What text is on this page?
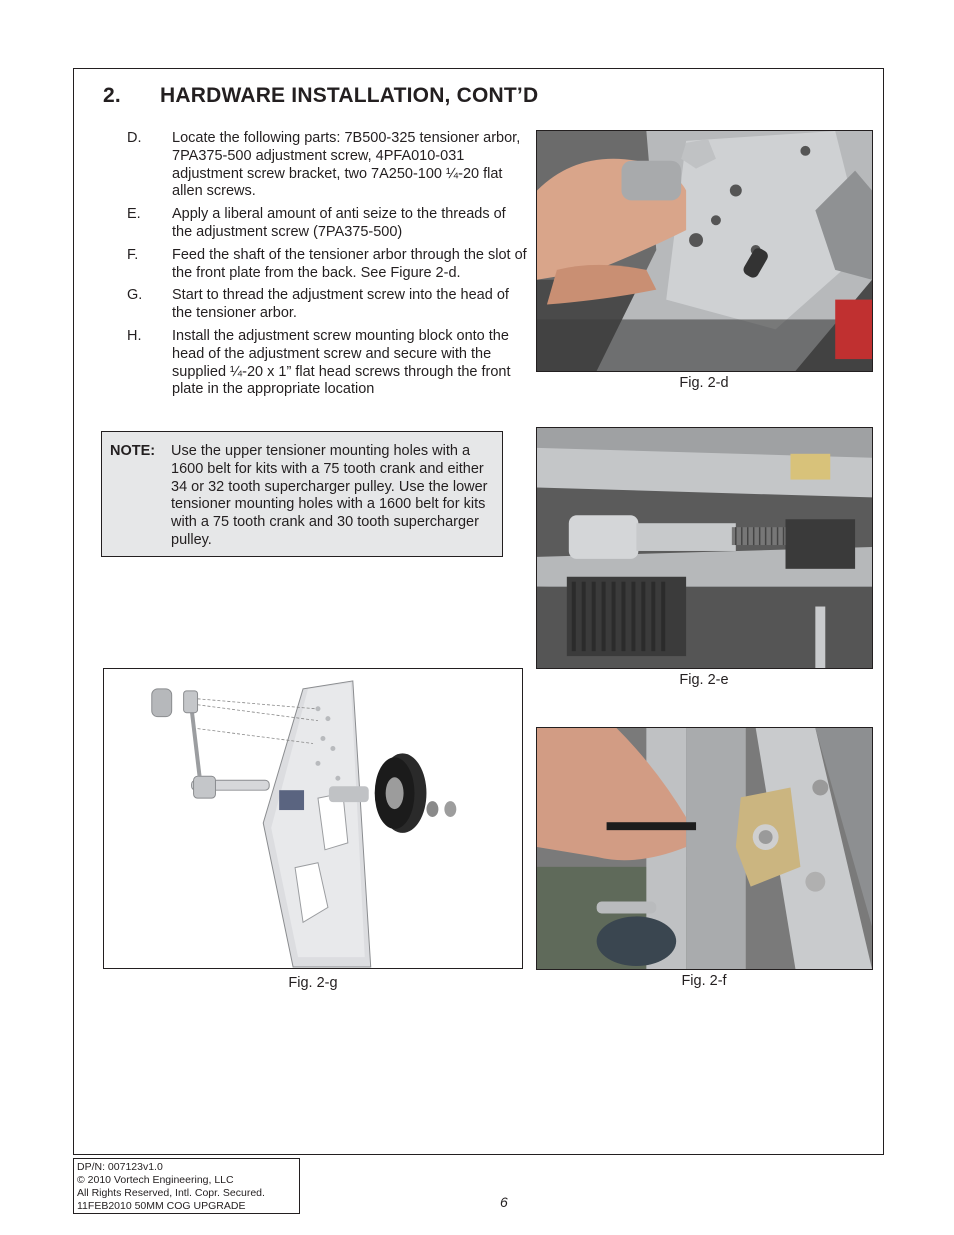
2. HARDWARE INSTALLATION, CONT’D
D. Locate the following parts: 7B500-325 tensioner arbor, 7PA375-500 adjustment screw, 4PFA010-031 adjustment screw bracket, two 7A250-100 ¼-20 flat allen screws.
E. Apply a liberal amount of anti seize to the threads of the adjustment screw (7PA375-500)
F. Feed the shaft of the tensioner arbor through the slot of the front plate from the back. See Figure 2-d.
G. Start to thread the adjustment screw into the head of the tensioner arbor.
H. Install the adjustment screw mounting block onto the head of the adjustment screw and secure with the supplied ¼-20 x 1” flat head screws through the front plate in the appropriate location
NOTE:	Use the upper tensioner mounting holes with a 1600 belt for kits with a 75 tooth crank and either 34 or 32 tooth supercharger pulley. Use the lower tensioner mounting holes with a 1600 belt for kits with a 75 tooth crank and 30 tooth supercharger pulley.
Fig. 2-d
Fig. 2-e
Fig. 2-f
Fig. 2-g
DP/N: 007123v1.0
© 2010 Vortech Engineering, LLC
All Rights Reserved, Intl. Copr. Secured.
11FEB2010 50MM COG UPGRADE	6
